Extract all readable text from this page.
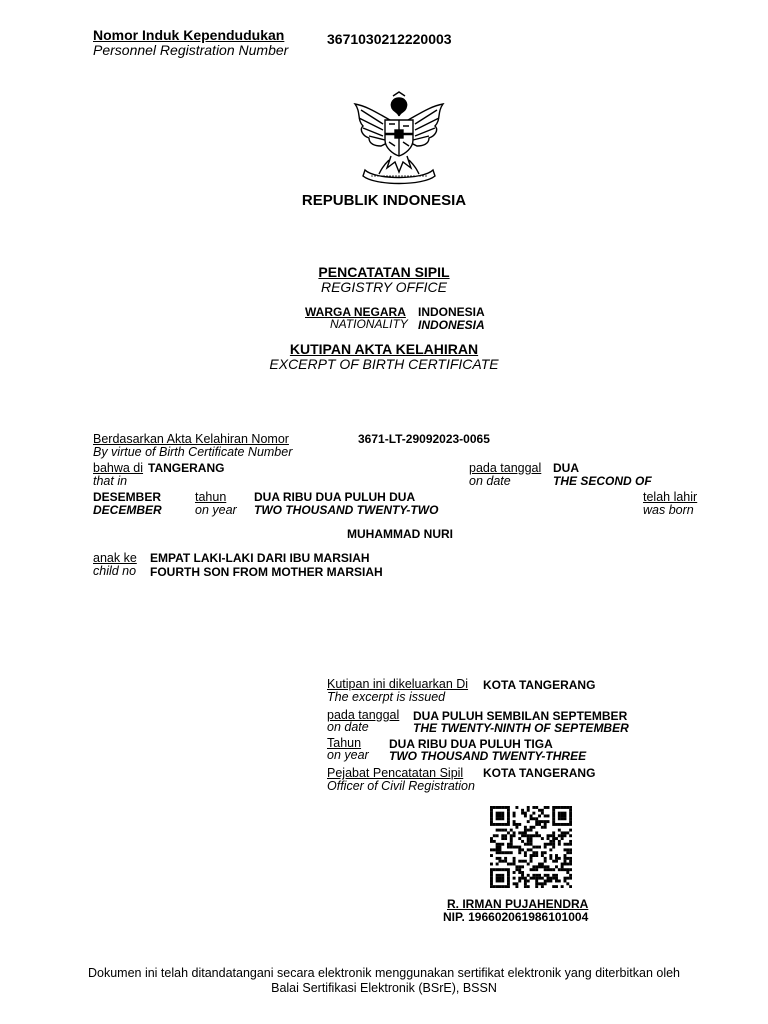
Nomor Induk Kependudukan
Personnel Registration Number
3671030212220003
REPUBLIK INDONESIA
PENCATATAN SIPIL
REGISTRY OFFICE
WARGA NEGARA INDONESIA
NATIONALITY INDONESIA
KUTIPAN AKTA KELAHIRAN
EXCERPT OF BIRTH CERTIFICATE
Berdasarkan Akta Kelahiran Nomor
By virtue of Birth Certificate Number
3671-LT-29092023-0065
bahwa di TANGERANG
that in
pada tanggal
on date
DUA
THE SECOND OF
DESEMBER
DECEMBER
tahun
on year
DUA RIBU DUA PULUH DUA
TWO THOUSAND TWENTY-TWO
telah lahir
was born
MUHAMMAD NURI
anak ke
child no
EMPAT LAKI-LAKI DARI IBU MARSIAH
FOURTH SON FROM MOTHER MARSIAH
Kutipan ini dikeluarkan Di
The excerpt is issued
KOTA TANGERANG
pada tanggal
on date
DUA PULUH SEMBILAN SEPTEMBER
THE TWENTY-NINTH OF SEPTEMBER
Tahun
on year
DUA RIBU DUA PULUH TIGA
TWO THOUSAND TWENTY-THREE
Pejabat Pencatatan Sipil
Officer of Civil Registration
KOTA TANGERANG
R. IRMAN PUJAHENDRA
NIP. 196602061986101004
Dokumen ini telah ditandatangani secara elektronik menggunakan sertifikat elektronik yang diterbitkan oleh
Balai Sertifikasi Elektronik (BSrE), BSSN
